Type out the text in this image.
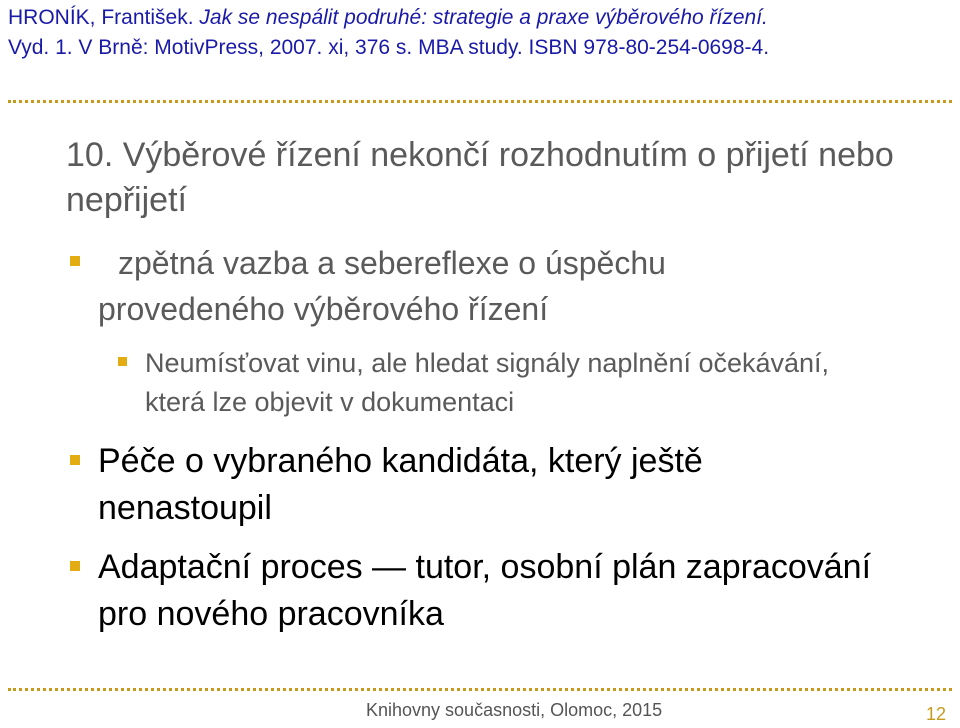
HRONÍK, František. Jak se nespálit podruhé: strategie a praxe výběrového řízení.
Vyd. 1. V Brně: MotivPress, 2007. xi, 376 s. MBA study. ISBN 978-80-254-0698-4.
10. Výběrové řízení nekončí rozhodnutím o přijetí nebo nepřijetí
zpětná vazba a sebereflexe o úspěchu provedeného výběrového řízení
Neumísťovat vinu, ale hledat signály naplnění očekávání, která lze objevit v dokumentaci
Péče o vybraného kandidáta, který ještě nenastoupil
Adaptační proces — tutor, osobní plán zapracování pro nového pracovníka
Knihovny současnosti, Olomoc, 2015	12
